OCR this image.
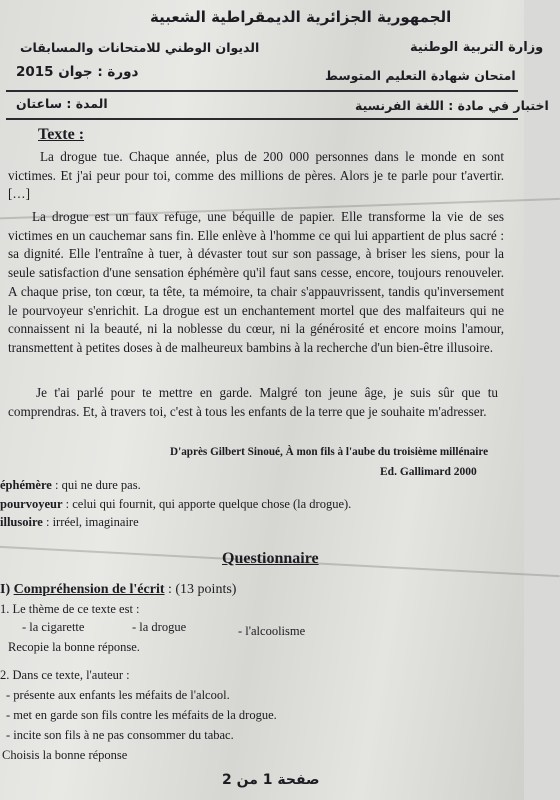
الجمهورية الجزائرية الديمقراطية الشعبية
الديوان الوطني للامتحانات والمسابقات	وزارة التربية الوطنية
دورة : جوان 2015	امتحان شهادة التعليم المتوسط
المدة : ساعتان	اختبار في مادة : اللغة الفرنسية
Texte :

La drogue tue. Chaque année, plus de 200 000 personnes dans le monde en sont victimes. Et j'ai peur pour toi, comme des millions de pères. Alors je te parle pour t'avertir. […]

La drogue est un faux refuge, une béquille de papier. Elle transforme la vie de ses victimes en un cauchemar sans fin. Elle enlève à l'homme ce qui lui appartient de plus sacré : sa dignité. Elle l'entraîne à tuer, à dévaster tout sur son passage, à briser les siens, pour la seule satisfaction d'une sensation éphémère qu'il faut sans cesse, encore, toujours renouveler. A chaque prise, ton cœur, ta tête, ta mémoire, ta chair s'appauvrissent, tandis qu'inversement le pourvoyeur s'enrichit. La drogue est un enchantement mortel que des malfaiteurs qui ne connaissent ni la beauté, ni la noblesse du cœur, ni la générosité et encore moins l'amour, transmettent à petites doses à de malheureux bambins à la recherche d'un bien-être illusoire.

Je t'ai parlé pour te mettre en garde. Malgré ton jeune âge, je suis sûr que tu comprendras. Et, à travers toi, c'est à tous les enfants de la terre que je souhaite m'adresser.

D'après Gilbert Sinoué, À mon fils à l'aube du troisième millénaire
Ed. Gallimard 2000
éphémère : qui ne dure pas.
pourvoyeur : celui qui fournit, qui apporte quelque chose (la drogue).
illusoire : irréel, imaginaire
Questionnaire
I) Compréhension de l'écrit : (13 points)
1. Le thème de ce texte est :
- la cigarette	- la drogue	- l'alcoolisme
Recopie la bonne réponse.
2. Dans ce texte, l'auteur :
- présente aux enfants les méfaits de l'alcool.
- met en garde son fils contre les méfaits de la drogue.
- incite son fils à ne pas consommer du tabac.
Choisis la bonne réponse
صفحة 1 من 2
